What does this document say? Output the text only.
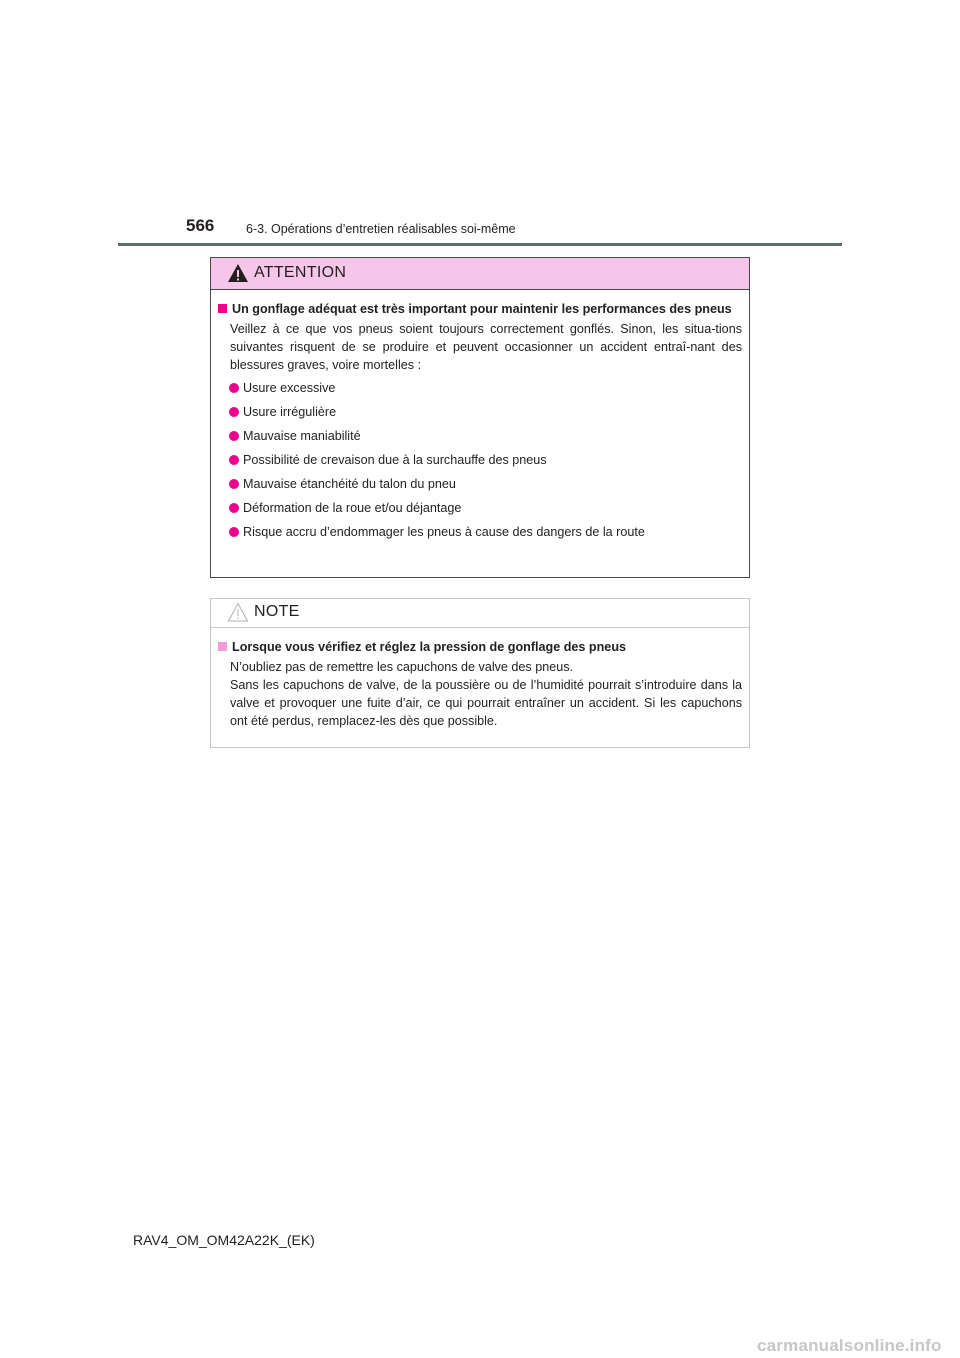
566	6-3. Opérations d’entretien réalisables soi-même
ATTENTION
Un gonflage adéquat est très important pour maintenir les performances des pneus

Veillez à ce que vos pneus soient toujours correctement gonflés. Sinon, les situa-tions suivantes risquent de se produire et peuvent occasionner un accident entraî-nant des blessures graves, voire mortelles :

Usure excessive
Usure irrégulière
Mauvaise maniabilité
Possibilité de crevaison due à la surchauffe des pneus
Mauvaise étanchéité du talon du pneu
Déformation de la roue et/ou déjantage
Risque accru d’endommager les pneus à cause des dangers de la route
NOTE
Lorsque vous vérifiez et réglez la pression de gonflage des pneus

N’oubliez pas de remettre les capuchons de valve des pneus.

Sans les capuchons de valve, de la poussière ou de l’humidité pourrait s’introduire dans la valve et provoquer une fuite d’air, ce qui pourrait entraîner un accident. Si les capuchons ont été perdus, remplacez-les dès que possible.

RAV4_OM_OM42A22K_(EK)
carmanualsonline.info
